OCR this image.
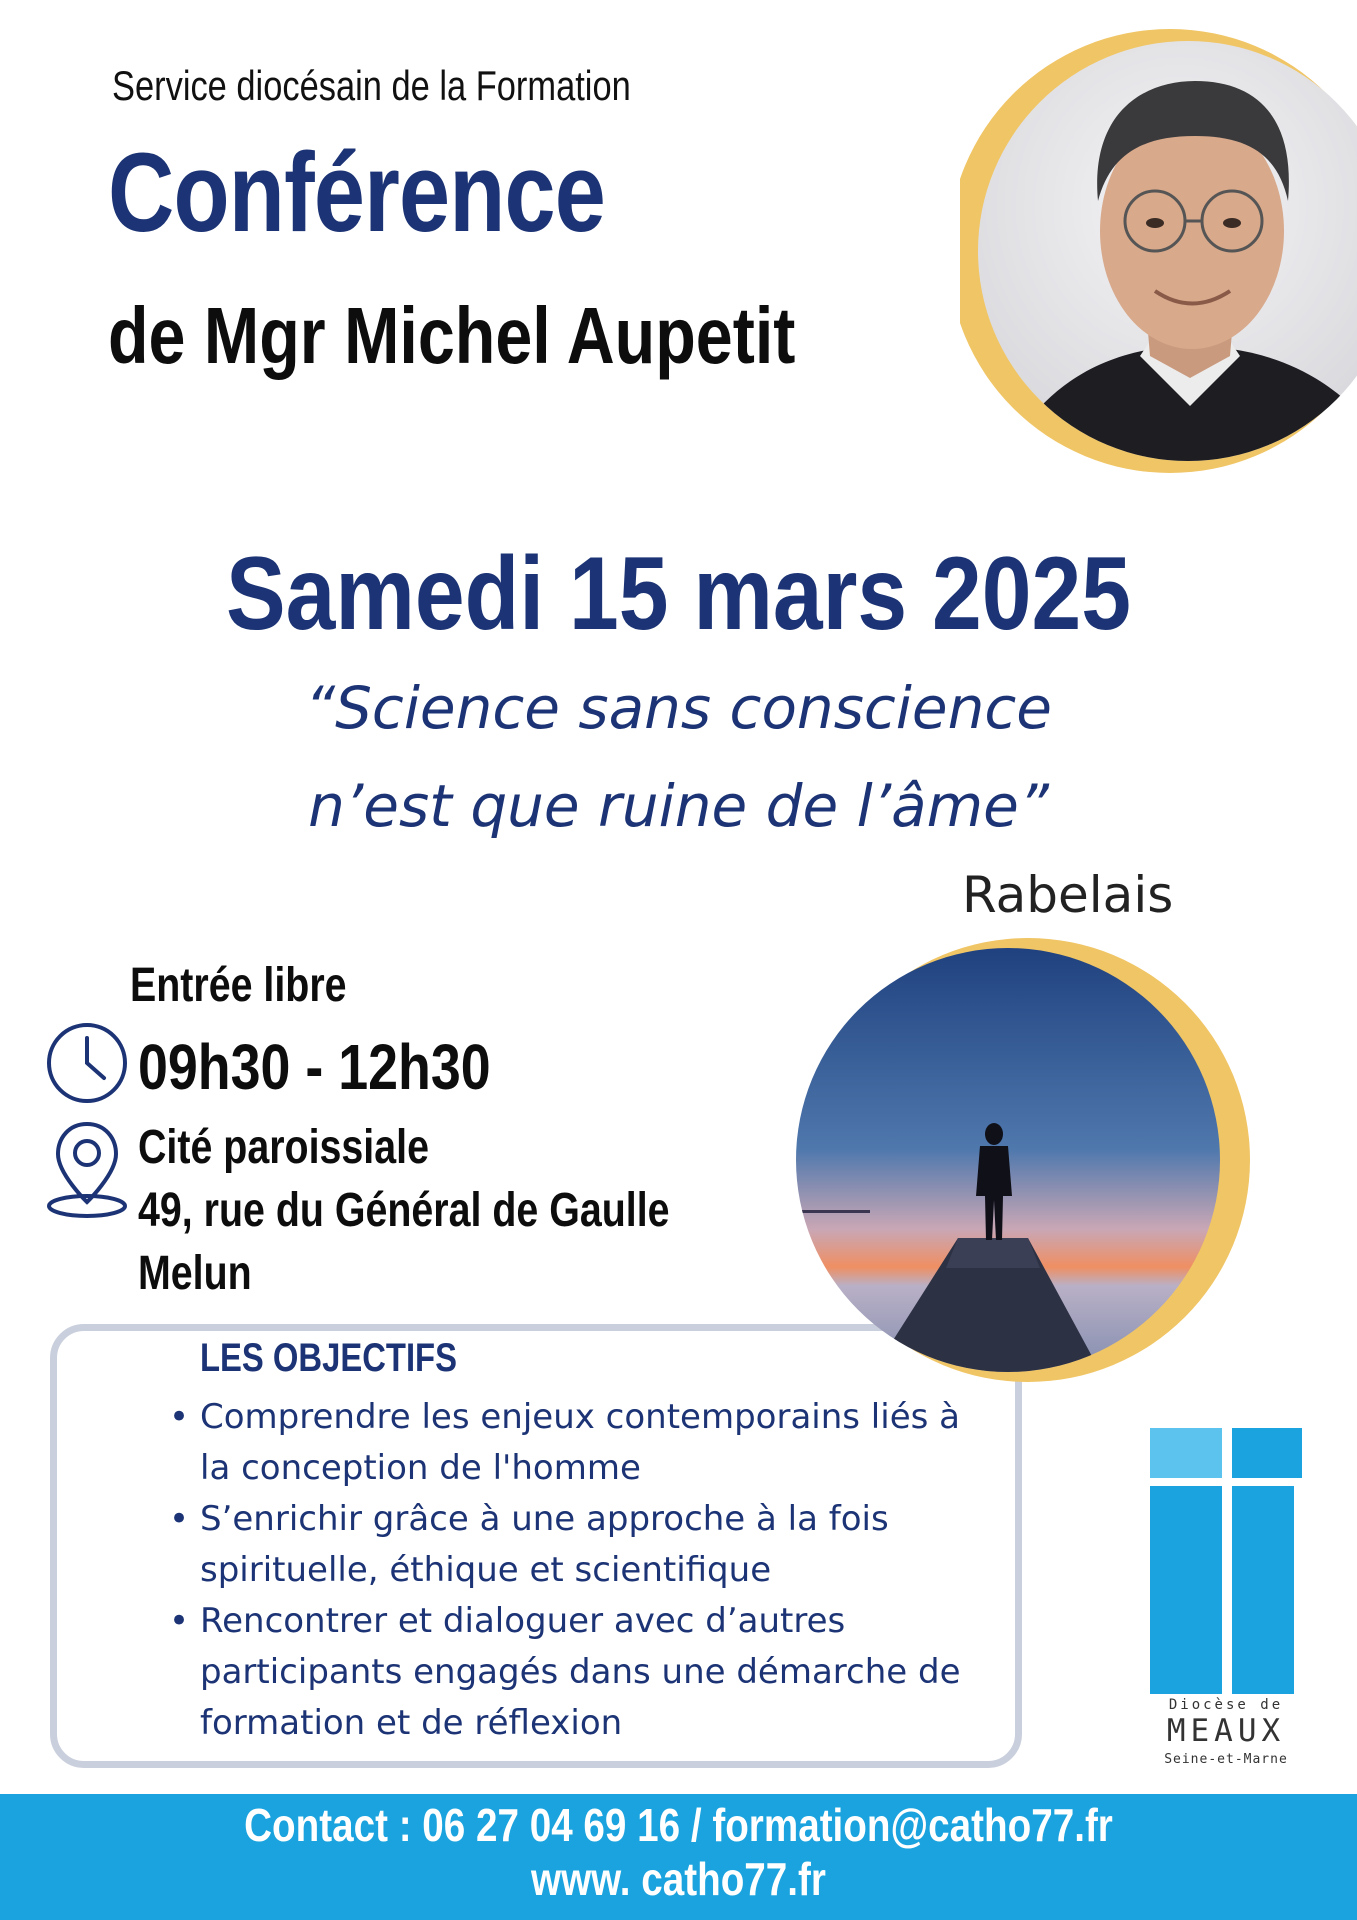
Service diocésain de la Formation
Conférence
de Mgr Michel Aupetit
Samedi 15 mars 2025
“Science sans conscience
n’est que ruine de l’âme”
Rabelais
Entrée libre
09h30 - 12h30
Cité paroissiale
49, rue du Général de Gaulle
Melun
LES OBJECTIFS
• Comprendre les enjeux contemporains liés à la conception de l'homme
• S’enrichir grâce à une approche à la fois spirituelle, éthique et scientifique
• Rencontrer et dialoguer avec d’autres participants engagés dans une démarche de formation et de réflexion	Diocèse de
MEAUX
Seine-et-Marne
Contact : 06 27 04 69 16 / formation@catho77.fr
www. catho77.fr
